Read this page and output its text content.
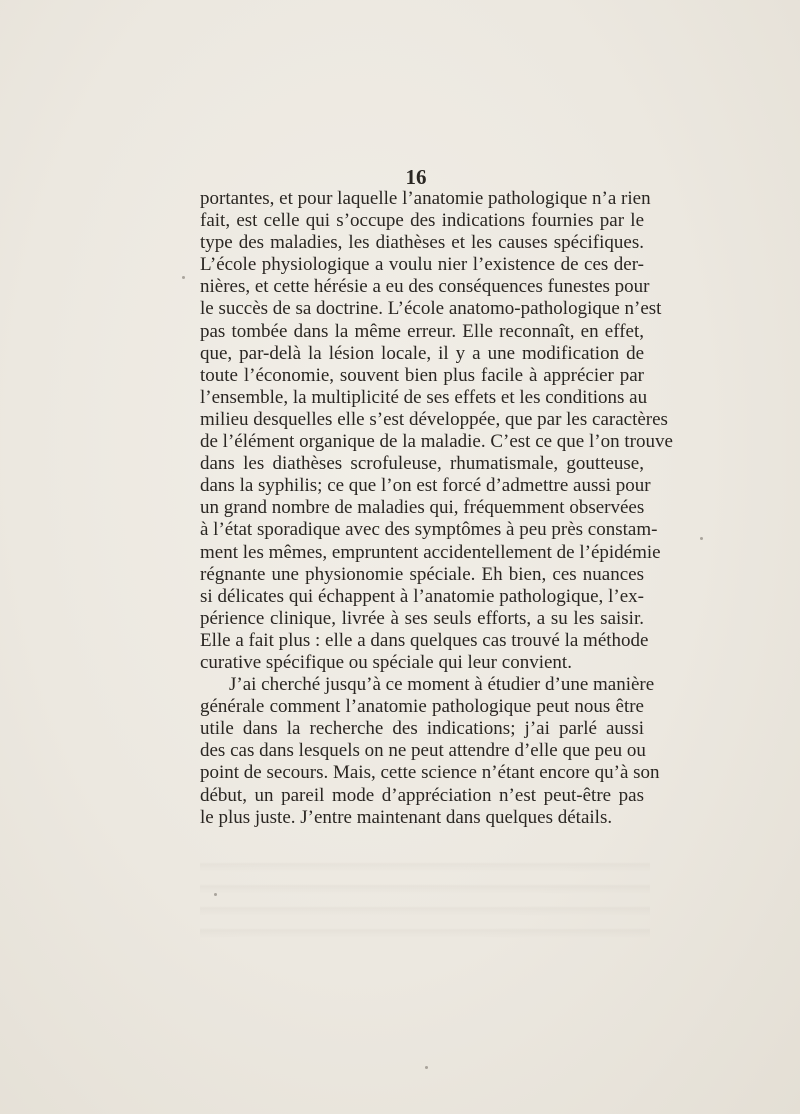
16
portantes, et pour laquelle l’anatomie pathologique n’a rien
fait, est celle qui s’occupe des indications fournies par le
type des maladies, les diathèses et les causes spécifiques.
L’école physiologique a voulu nier l’existence de ces der-
nières, et cette hérésie a eu des conséquences funestes pour
le succès de sa doctrine. L’école anatomo-pathologique n’est
pas tombée dans la même erreur. Elle reconnaît, en effet,
que, par-delà la lésion locale, il y a une modification de
toute l’économie, souvent bien plus facile à apprécier par
l’ensemble, la multiplicité de ses effets et les conditions au
milieu desquelles elle s’est développée, que par les caractères
de l’élément organique de la maladie. C’est ce que l’on trouve
dans les diathèses scrofuleuse, rhumatismale, goutteuse,
dans la syphilis; ce que l’on est forcé d’admettre aussi pour
un grand nombre de maladies qui, fréquemment observées
à l’état sporadique avec des symptômes à peu près constam-
ment les mêmes, empruntent accidentellement de l’épidémie
régnante une physionomie spéciale. Eh bien, ces nuances
si délicates qui échappent à l’anatomie pathologique, l’ex-
périence clinique, livrée à ses seuls efforts, a su les saisir.
Elle a fait plus : elle a dans quelques cas trouvé la méthode
curative spécifique ou spéciale qui leur convient.
J’ai cherché jusqu’à ce moment à étudier d’une manière
générale comment l’anatomie pathologique peut nous être
utile dans la recherche des indications; j’ai parlé aussi
des cas dans lesquels on ne peut attendre d’elle que peu ou
point de secours. Mais, cette science n’étant encore qu’à son
début, un pareil mode d’appréciation n’est peut-être pas
le plus juste. J’entre maintenant dans quelques détails.
